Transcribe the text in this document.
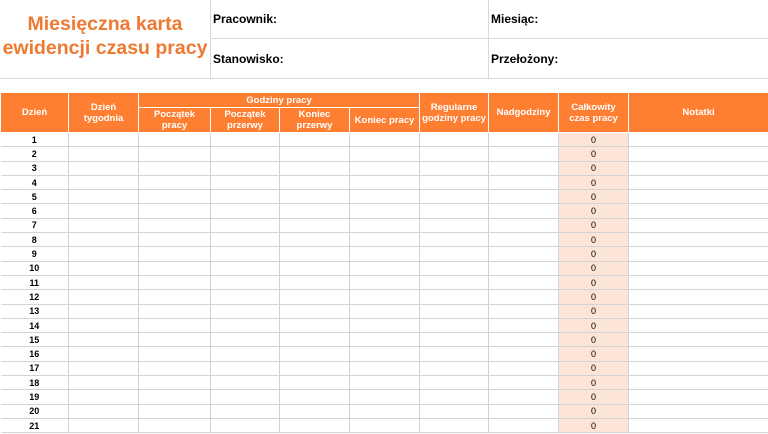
Miesięczna karta
ewidencji czasu pracy
Pracownik:	Miesiąc:
Stanowisko:	Przełożony:
Dzień	Dzień tygodnia	Godziny pracy				Regularne godziny pracy	Nadgodziny	Całkowity czas pracy	Notatki
		Początek pracy	Początek przerwy	Koniec przerwy	Koniec pracy				
1								0	
2								0	
3								0	
4								0	
5								0	
6								0	
7								0	
8								0	
9								0	
10								0	
11								0	
12								0	
13								0	
14								0	
15								0	
16								0	
17								0	
18								0	
19								0	
20								0	
21								0	
